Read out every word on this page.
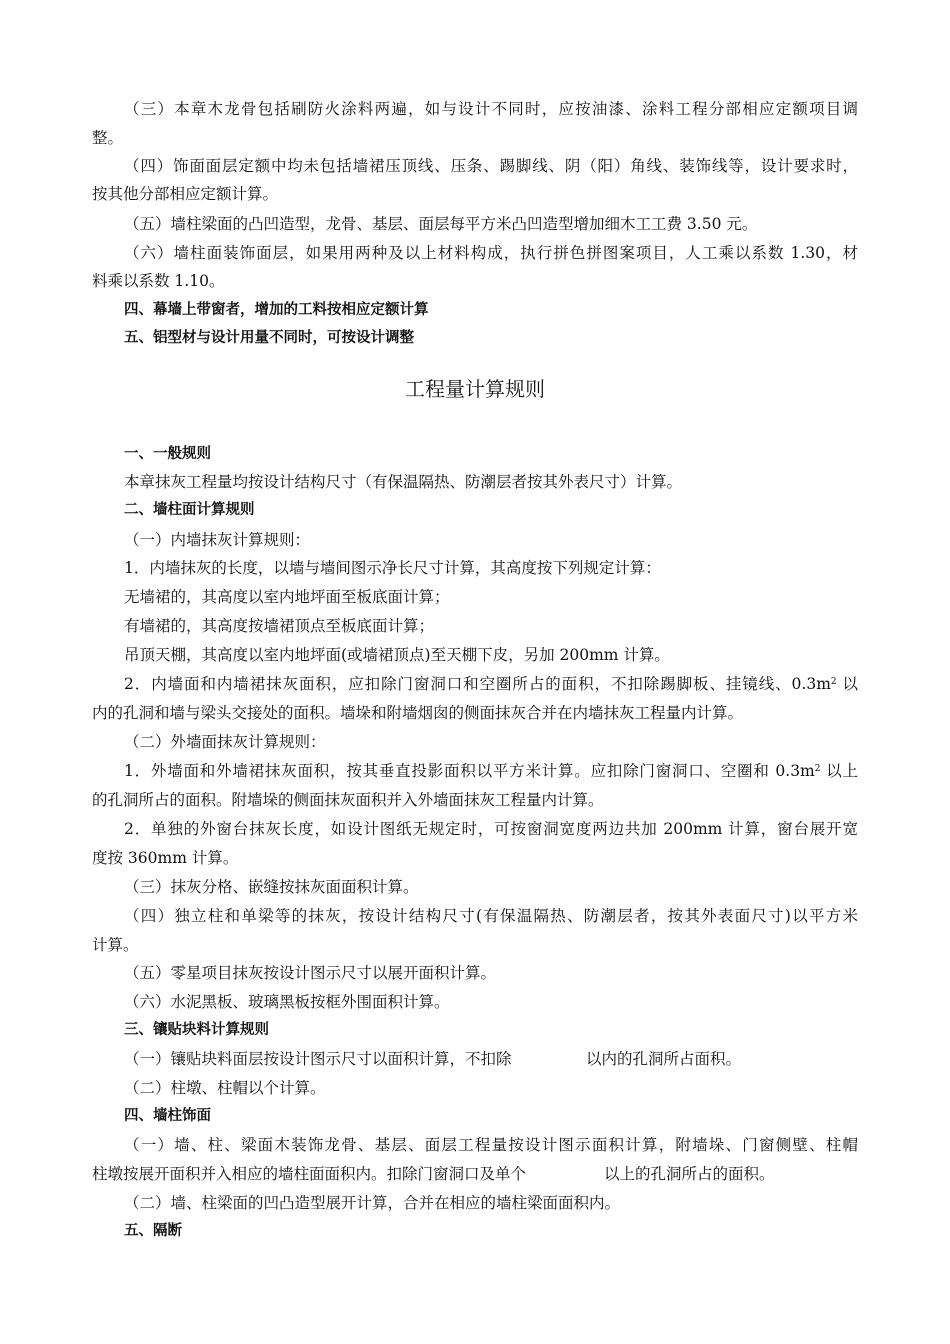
（三）本章木龙骨包括刷防火涂料两遍，如与设计不同时，应按油漆、涂料工程分部相应定额项目调
整。
（四）饰面面层定额中均未包括墙裙压顶线、压条、踢脚线、阴（阳）角线、装饰线等，设计要求时，
按其他分部相应定额计算。
（五）墙柱梁面的凸凹造型，龙骨、基层、面层每平方米凸凹造型增加细木工工费 3.50 元。
（六）墙柱面装饰面层，如果用两种及以上材料构成，执行拼色拼图案项目，人工乘以系数 1.30，材
料乘以系数 1.10。
四、幕墙上带窗者，增加的工料按相应定额计算
五、铝型材与设计用量不同时，可按设计调整
工程量计算规则
一、一般规则
本章抹灰工程量均按设计结构尺寸（有保温隔热、防潮层者按其外表尺寸）计算。
二、墙柱面计算规则
（一）内墙抹灰计算规则：
1．内墙抹灰的长度，以墙与墙间图示净长尺寸计算，其高度按下列规定计算：
无墙裙的，其高度以室内地坪面至板底面计算；
有墙裙的，其高度按墙裙顶点至板底面计算；
吊顶天棚，其高度以室内地坪面(或墙裙顶点)至天棚下皮，另加 200mm 计算。
2．内墙面和内墙裙抹灰面积，应扣除门窗洞口和空圈所占的面积，不扣除踢脚板、挂镜线、$0.3m^2$ 以
内的孔洞和墙与梁头交接处的面积。墙垛和附墙烟囱的侧面抹灰合并在内墙抹灰工程量内计算。
（二）外墙面抹灰计算规则：
1．外墙面和外墙裙抹灰面积，按其垂直投影面积以平方米计算。应扣除门窗洞口、空圈和 $0.3m^2$ 以上
的孔洞所占的面积。附墙垛的侧面抹灰面积并入外墙面抹灰工程量内计算。
2．单独的外窗台抹灰长度，如设计图纸无规定时，可按窗洞宽度两边共加 200mm 计算，窗台展开宽
度按 360mm 计算。
（三）抹灰分格、嵌缝按抹灰面面积计算。
（四）独立柱和单梁等的抹灰，按设计结构尺寸(有保温隔热、防潮层者，按其外表面尺寸)以平方米
计算。
（五）零星项目抹灰按设计图示尺寸以展开面积计算。
（六）水泥黑板、玻璃黑板按框外围面积计算。
三、镶贴块料计算规则
（一）镶贴块料面层按设计图示尺寸以面积计算，不扣除	以内的孔洞所占面积。
（二）柱墩、柱帽以个计算。
四、墙柱饰面
（一）墙、柱、梁面木装饰龙骨、基层、面层工程量按设计图示面积计算，附墙垛、门窗侧壁、柱帽
柱墩按展开面积并入相应的墙柱面面积内。扣除门窗洞口及单个	以上的孔洞所占的面积。
（二）墙、柱梁面的凹凸造型展开计算，合并在相应的墙柱梁面面积内。
五、隔断
